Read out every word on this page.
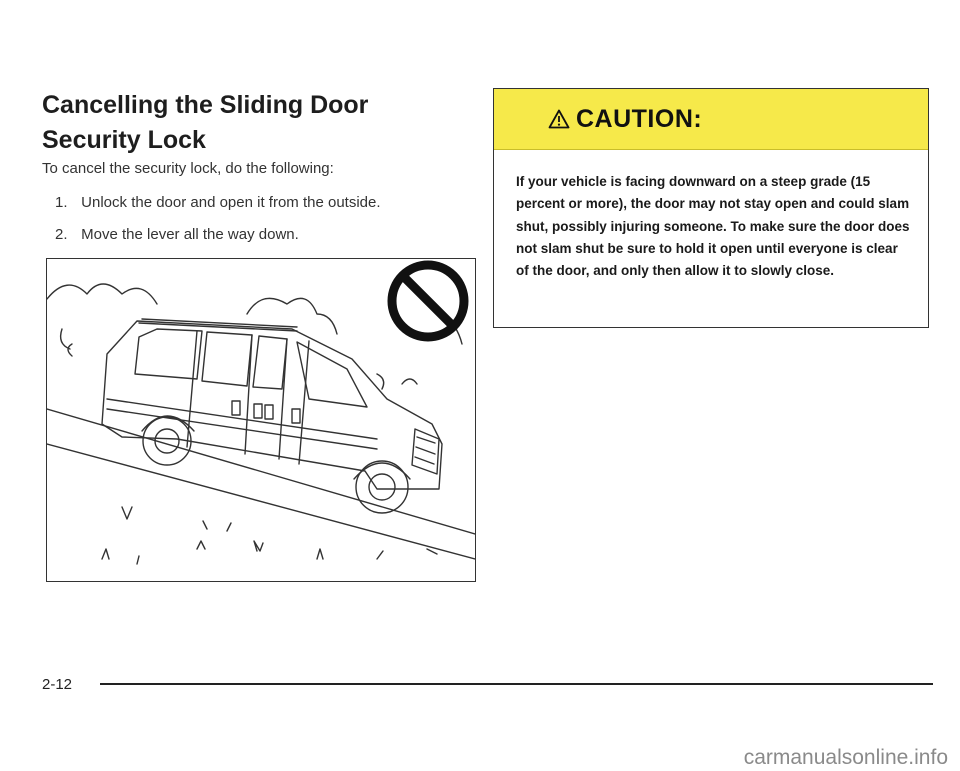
Cancelling the Sliding Door
Security Lock
To cancel the security lock, do the following:
1. Unlock the door and open it from the outside.
2. Move the lever all the way down.
CAUTION:
If your vehicle is facing downward on a steep grade (15 percent or more), the door may not stay open and could slam shut, possibly injuring someone. To make sure the door does not slam shut be sure to hold it open until everyone is clear of the door, and only then allow it to slowly close.
2-12
carmanualsonline.info
